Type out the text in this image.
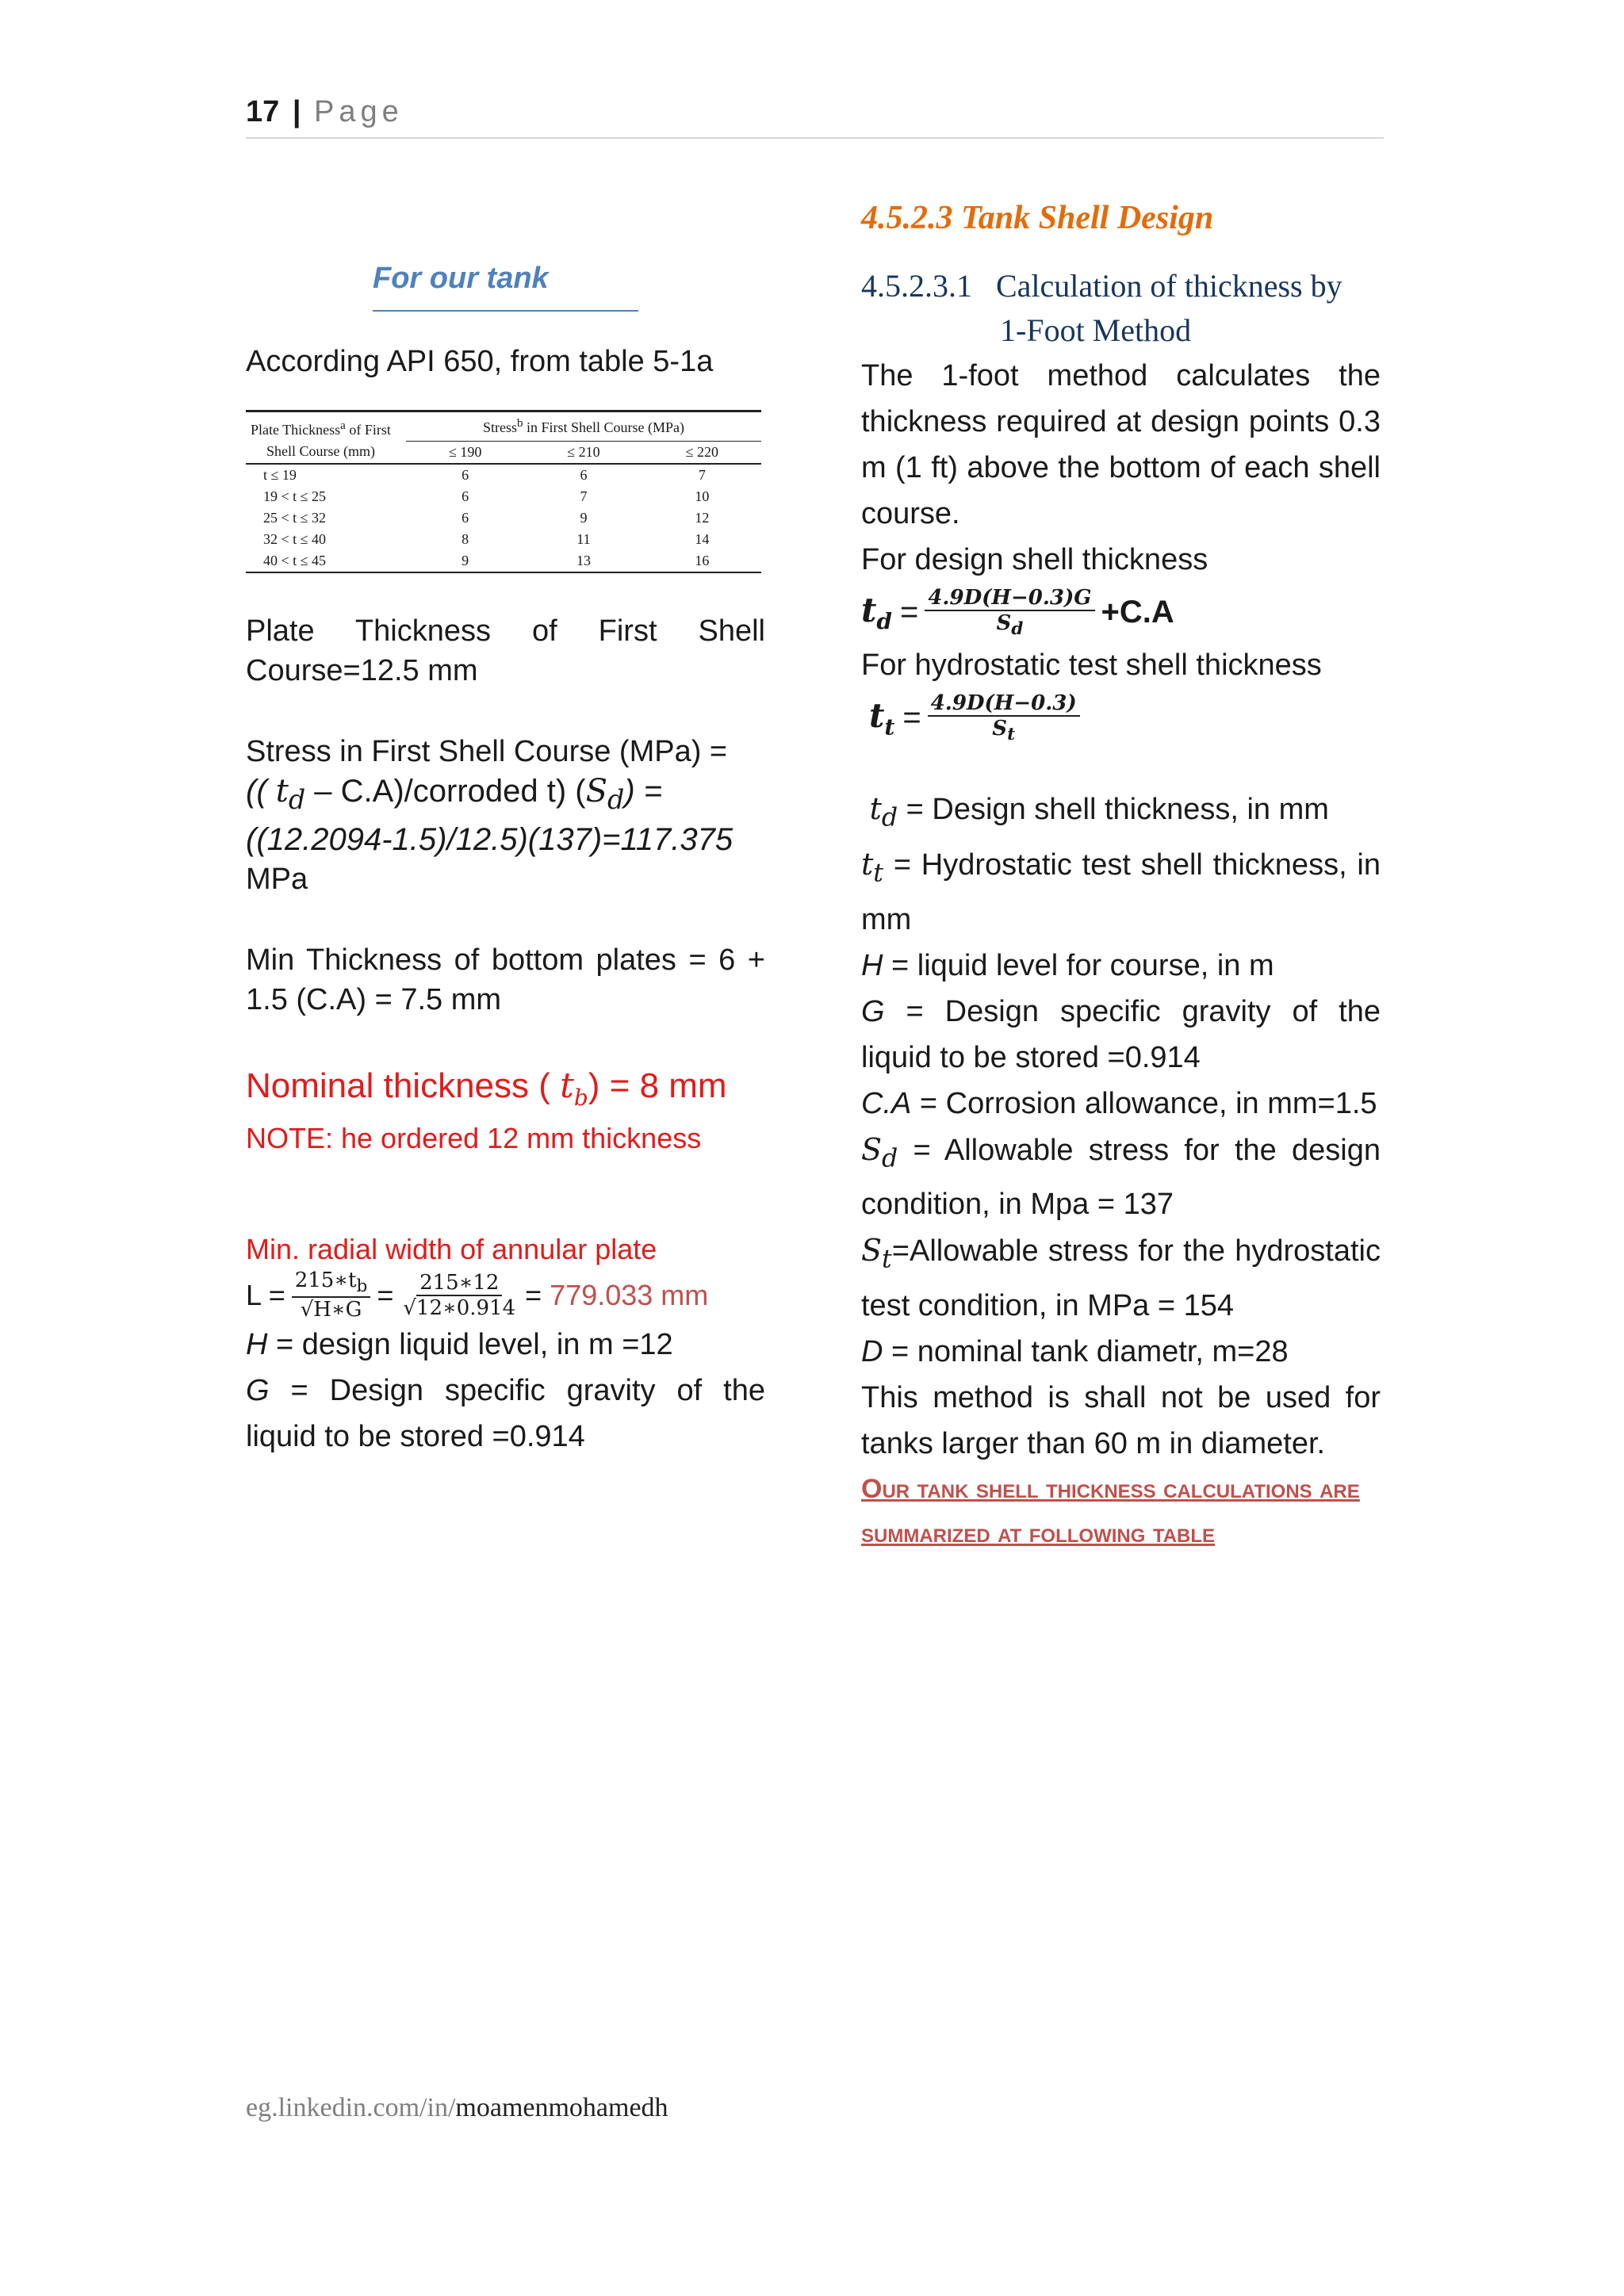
17 | Page
For our tank
According API 650, from table 5-1a
Plate Thickness$^a$ of First	Stress$^b$ in First Shell Course (MPa)		
Shell Course (mm)	≤ 190	≤ 210	≤ 220
t ≤ 19	6	6	7
19 < t ≤ 25	6	7	10
25 < t ≤ 32	6	9	12
32 < t ≤ 40	8	11	14
40 < t ≤ 45	9	13	16
Plate Thickness of First Shell Course=12.5 mm
Stress in First Shell Course (MPa) =
(( $t_d$ – C.A)/corroded t) $(S_d)$ =
((12.2094-1.5)/12.5)(137)=117.375
MPa
Min Thickness of bottom plates = 6 + 1.5 (C.A) = 7.5 mm
Nominal thickness ( $t_b) = 8$ mm
NOTE: he ordered 12 mm thickness
Min. radial width of annular plate
$L = \frac{215∗t_b}{√H∗G} = \frac{215∗12}{√12∗0.914} = 779.033$ mm
H = design liquid level, in m =12
G = Design specific gravity of the liquid to be stored =0.914
4.5.2.3 Tank Shell Design
4.5.2.3.1 Calculation of thickness by
1-Foot Method
The 1-foot method calculates the thickness required at design points 0.3 m (1 ft) above the bottom of each shell course.
For design shell thickness
$t_d = \frac{4.9D(H-0.3)G}{S_d} +C.A$
For hydrostatic test shell thickness
$t_t = \frac{4.9D(H-0.3)}{S_t}$
$t_d$ = Design shell thickness, in mm
$t_t$ = Hydrostatic test shell thickness, in mm
H = liquid level for course, in m
G = Design specific gravity of the liquid to be stored =0.914
C.A = Corrosion allowance, in mm=1.5
$S_d$ = Allowable stress for the design condition, in Mpa = 137
$S_t=Allowable$ stress for the hydrostatic test condition, in MPa = 154
D = nominal tank diametr, m=28
This method is shall not be used for tanks larger than 60 m in diameter.
Our tank shell thickness calculations are summarized at following table
eg.linkedin.com/in/moamenmohamedh
